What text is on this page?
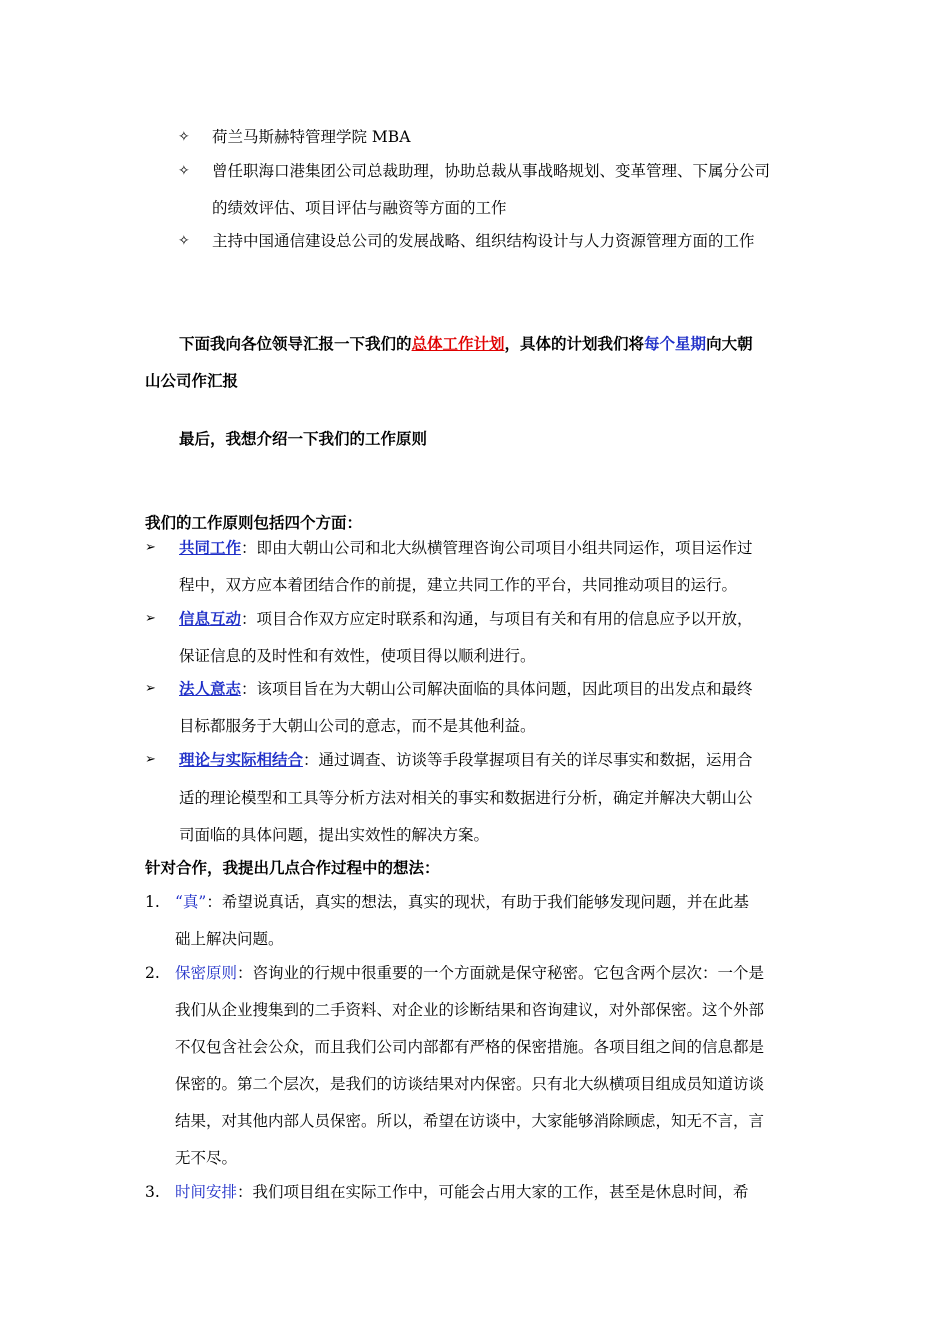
✧ 荷兰马斯赫特管理学院 MBA
✧ 曾任职海口港集团公司总裁助理，协助总裁从事战略规划、变革管理、下属分公司
的绩效评估、项目评估与融资等方面的工作
✧ 主持中国通信建设总公司的发展战略、组织结构设计与人力资源管理方面的工作
下面我向各位领导汇报一下我们的总体工作计划，具体的计划我们将每个星期向大朝
山公司作汇报
最后，我想介绍一下我们的工作原则
我们的工作原则包括四个方面：
➢ 共同工作：即由大朝山公司和北大纵横管理咨询公司项目小组共同运作，项目运作过
程中，双方应本着团结合作的前提，建立共同工作的平台，共同推动项目的运行。
➢ 信息互动：项目合作双方应定时联系和沟通，与项目有关和有用的信息应予以开放，
保证信息的及时性和有效性，使项目得以顺利进行。
➢ 法人意志：该项目旨在为大朝山公司解决面临的具体问题，因此项目的出发点和最终
目标都服务于大朝山公司的意志，而不是其他利益。
➢ 理论与实际相结合：通过调查、访谈等手段掌握项目有关的详尽事实和数据，运用合
适的理论模型和工具等分析方法对相关的事实和数据进行分析，确定并解决大朝山公
司面临的具体问题，提出实效性的解决方案。
针对合作，我提出几点合作过程中的想法：
1. “真”：希望说真话，真实的想法，真实的现状，有助于我们能够发现问题，并在此基
础上解决问题。
2. 保密原则：咨询业的行规中很重要的一个方面就是保守秘密。它包含两个层次：一个是
我们从企业搜集到的二手资料、对企业的诊断结果和咨询建议，对外部保密。这个外部
不仅包含社会公众，而且我们公司内部都有严格的保密措施。各项目组之间的信息都是
保密的。第二个层次，是我们的访谈结果对内保密。只有北大纵横项目组成员知道访谈
结果，对其他内部人员保密。所以，希望在访谈中，大家能够消除顾虑，知无不言，言
无不尽。
3. 时间安排：我们项目组在实际工作中，可能会占用大家的工作，甚至是休息时间，希
